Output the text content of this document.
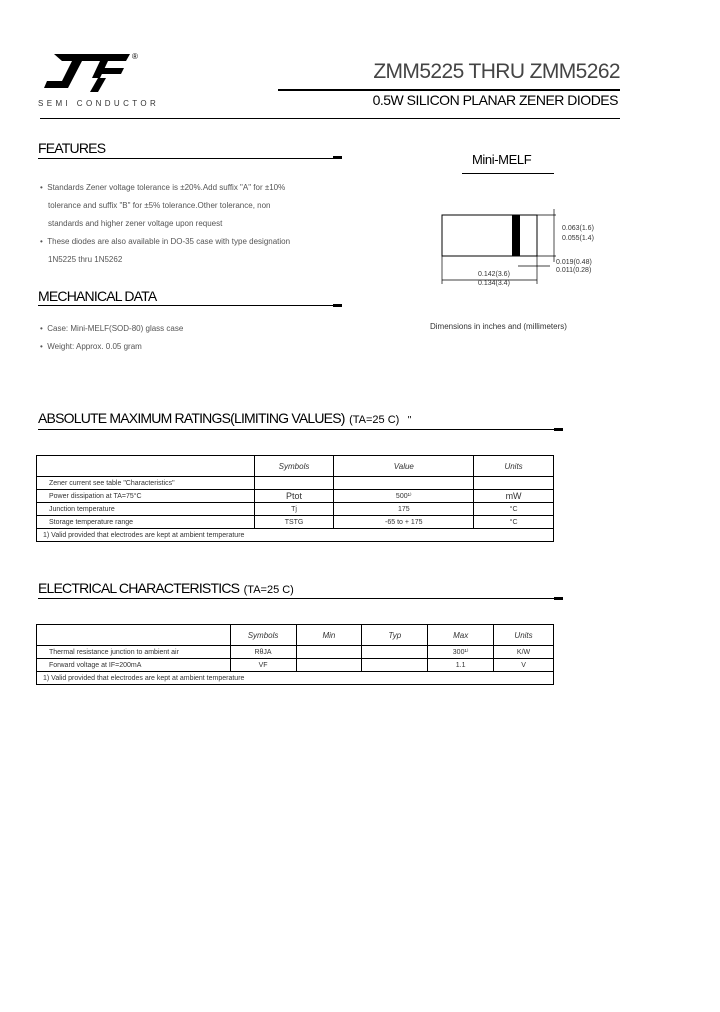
®
SEMI CONDUCTOR
ZMM5225 THRU ZMM5262
0.5W SILICON PLANAR ZENER DIODES
FEATURES
•  Standards Zener voltage tolerance is ±20%.Add suffix "A" for ±10%
tolerance and suffix "B" for ±5% tolerance.Other tolerance, non
standards and higher zener voltage upon request
•  These diodes are also available in DO-35 case with type designation
1N5225 thru 1N5262
Mini-MELF
0.063(1.6)
0.055(1.4)
0.019(0.48)
0.011(0.28)
0.142(3.6)
0.134(3.4)
Dimensions in inches and (millimeters)
MECHANICAL DATA
•  Case: Mini-MELF(SOD-80) glass case
•  Weight: Approx. 0.05 gram
ABSOLUTE MAXIMUM RATINGS(LIMITING VALUES) (TA=25 C) "
	Symbols	Value	Units
Zener current see table "Characteristics"			
Power dissipation at TA=75°C	Ptot	500¹⁾	mW
Junction temperature	Tj	175	°C
Storage temperature range	TSTG	-65 to + 175	°C
1) Valid provided that electrodes are kept at ambient temperature			
ELECTRICAL CHARACTERISTICS (TA=25 C)
	Symbols	Min	Typ	Max	Units
Thermal resistance junction to ambient air	RθJA			300¹⁾	K/W
Forward voltage at IF=200mA	VF			1.1	V
1) Valid provided that electrodes are kept at ambient temperature					
